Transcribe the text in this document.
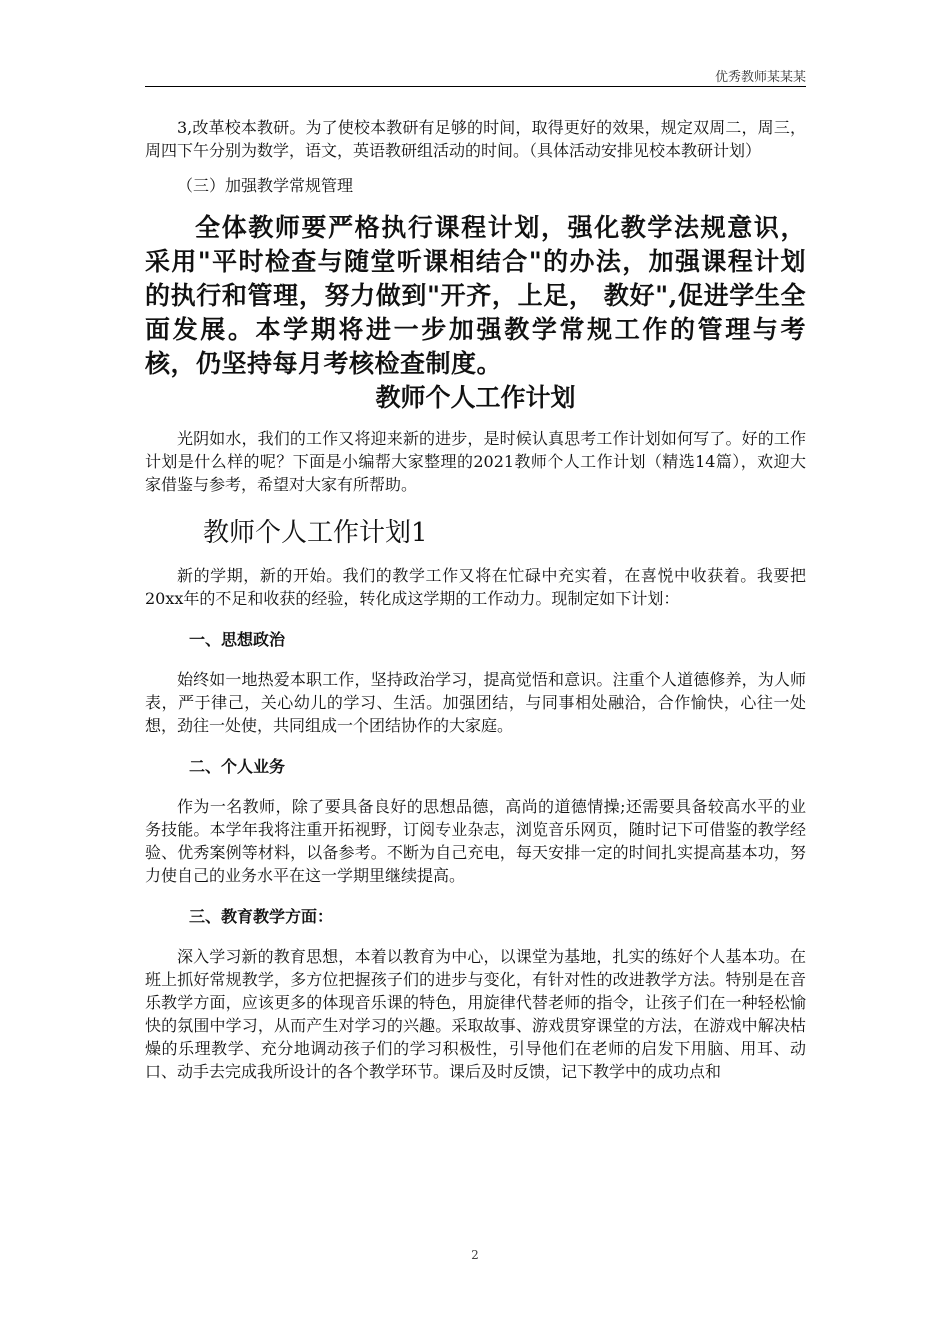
优秀教师某某某

3,改革校本教研。为了使校本教研有足够的时间，取得更好的效果，规定双周二，周三，周四下午分别为数学，语文，英语教研组活动的时间。（具体活动安排见校本教研计划）

（三）加强教学常规管理

全体教师要严格执行课程计划，强化教学法规意识，采用"平时检查与随堂听课相结合"的办法，加强课程计划的执行和管理，努力做到"开齐，上足， 教好",促进学生全面发展。本学期将进一步加强教学常规工作的管理与考核，仍坚持每月考核检查制度。

教师个人工作计划

光阴如水，我们的工作又将迎来新的进步，是时候认真思考工作计划如何写了。好的工作计划是什么样的呢？下面是小编帮大家整理的2021教师个人工作计划（精选14篇），欢迎大家借鉴与参考，希望对大家有所帮助。

教师个人工作计划1

新的学期，新的开始。我们的教学工作又将在忙碌中充实着，在喜悦中收获着。我要把20xx年的不足和收获的经验，转化成这学期的工作动力。现制定如下计划：

一、思想政治

始终如一地热爱本职工作，坚持政治学习，提高觉悟和意识。注重个人道德修养，为人师表，严于律己，关心幼儿的学习、生活。加强团结，与同事相处融洽，合作愉快，心往一处想，劲往一处使，共同组成一个团结协作的大家庭。

二、个人业务

作为一名教师，除了要具备良好的思想品德，高尚的道德情操;还需要具备较高水平的业务技能。本学年我将注重开拓视野，订阅专业杂志，浏览音乐网页，随时记下可借鉴的教学经验、优秀案例等材料，以备参考。不断为自己充电，每天安排一定的时间扎实提高基本功，努力使自己的业务水平在这一学期里继续提高。

三、教育教学方面：

深入学习新的教育思想，本着以教育为中心，以课堂为基地，扎实的练好个人基本功。在班上抓好常规教学，多方位把握孩子们的进步与变化，有针对性的改进教学方法。特别是在音乐教学方面，应该更多的体现音乐课的特色，用旋律代替老师的指令，让孩子们在一种轻松愉快的氛围中学习，从而产生对学习的兴趣。采取故事、游戏贯穿课堂的方法，在游戏中解决枯燥的乐理教学、充分地调动孩子们的学习积极性，引导他们在老师的启发下用脑、用耳、动口、动手去完成我所设计的各个教学环节。课后及时反馈，记下教学中的成功点和

2
